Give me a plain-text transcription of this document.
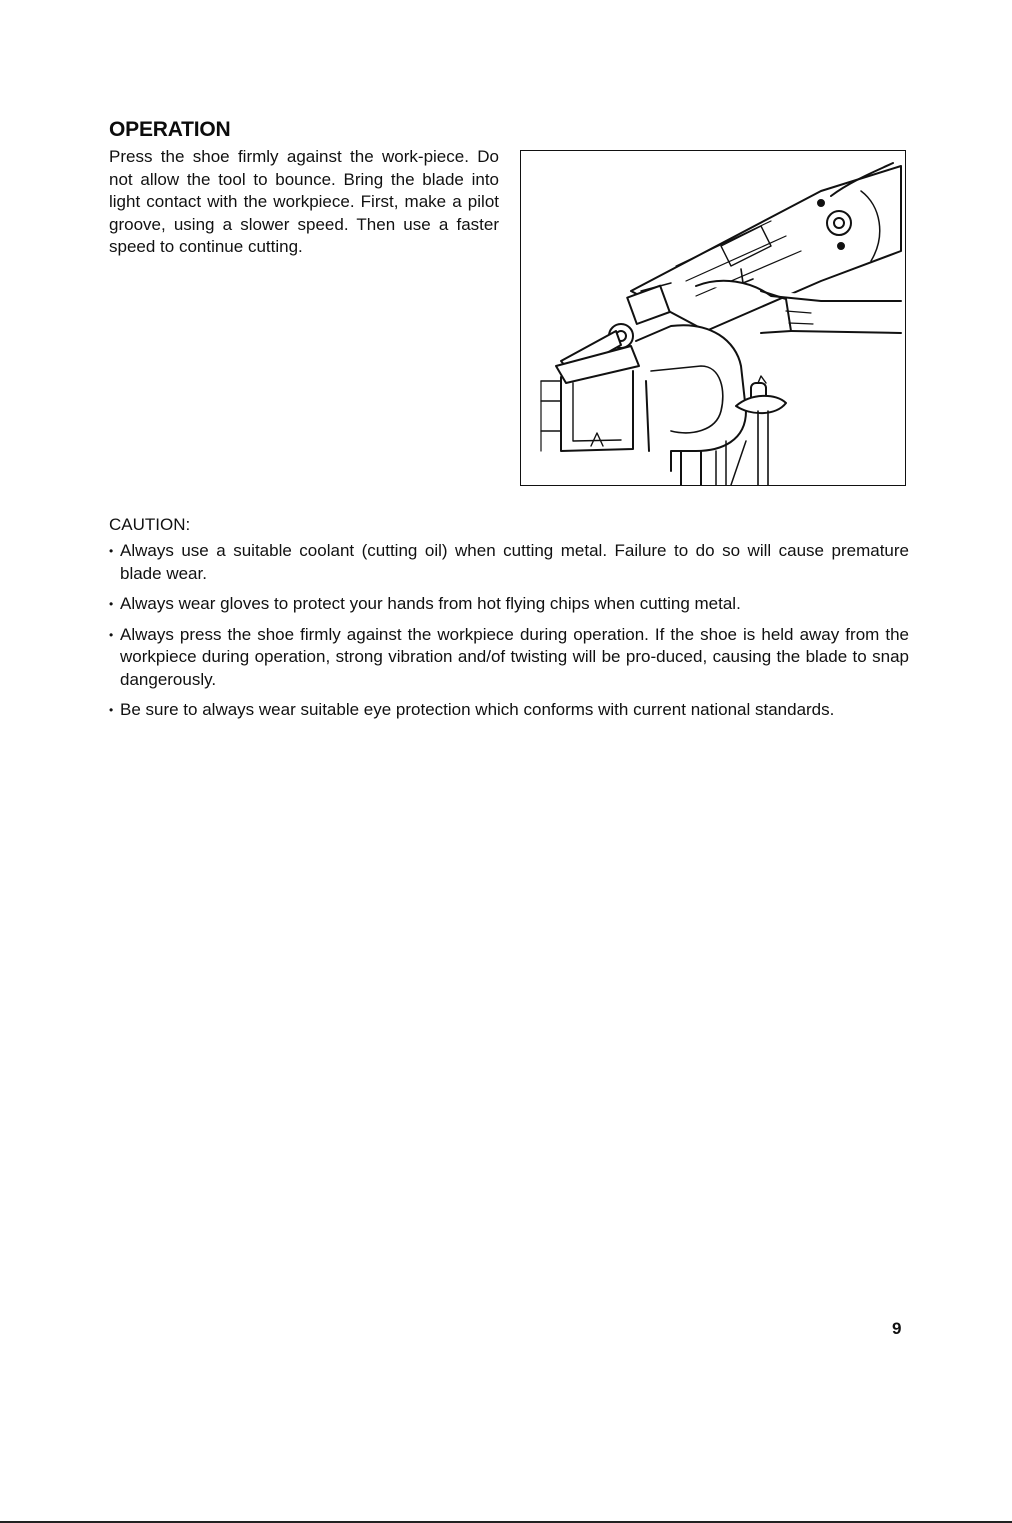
OPERATION

Press the shoe firmly against the work-piece. Do not allow the tool to bounce. Bring the blade into light contact with the workpiece. First, make a pilot groove, using a slower speed. Then use a faster speed to continue cutting.

CAUTION:
• Always use a suitable coolant (cutting oil) when cutting metal. Failure to do so will cause premature blade wear.
• Always wear gloves to protect your hands from hot flying chips when cutting metal.
• Always press the shoe firmly against the workpiece during operation. If the shoe is held away from the workpiece during operation, strong vibration and/of twisting will be pro-duced, causing the blade to snap dangerously.
• Be sure to always wear suitable eye protection which conforms with current national standards.
9
